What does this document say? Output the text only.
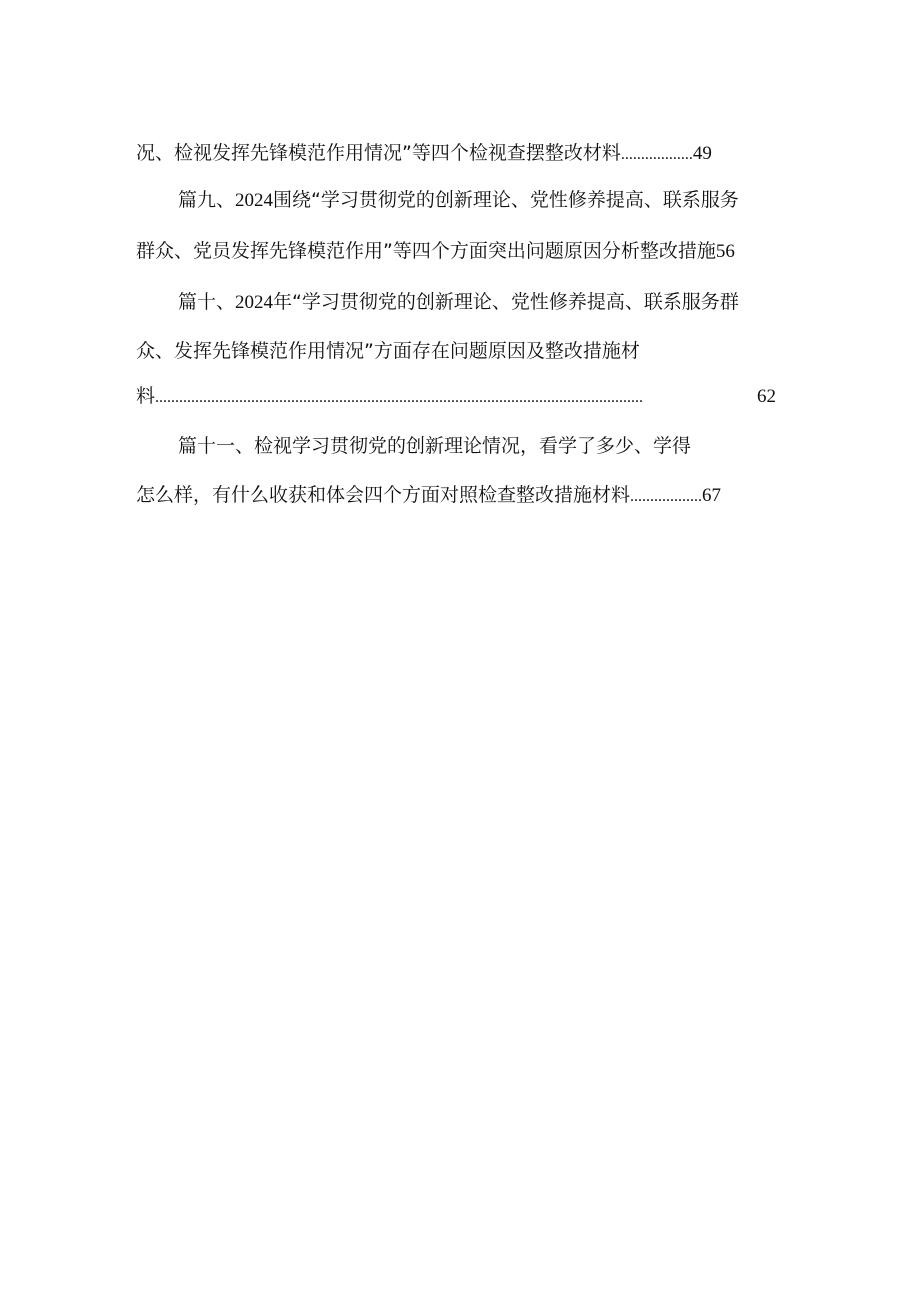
况、检视发挥先锋模范作用情况”等四个检视查摆整改材料..................49
篇九、2024围绕“学习贯彻党的创新理论、党性修养提高、联系服务
群众、党员发挥先锋模范作用”等四个方面突出问题原因分析整改措施56
篇十、2024年“学习贯彻党的创新理论、党性修养提高、联系服务群
众、发挥先锋模范作用情况”方面存在问题原因及整改措施材
料 ..........................................................................................................................	62
篇十一、检视学习贯彻党的创新理论情况，看学了多少、学得
怎么样，有什么收获和体会四个方面对照检查整改措施材料..................67
